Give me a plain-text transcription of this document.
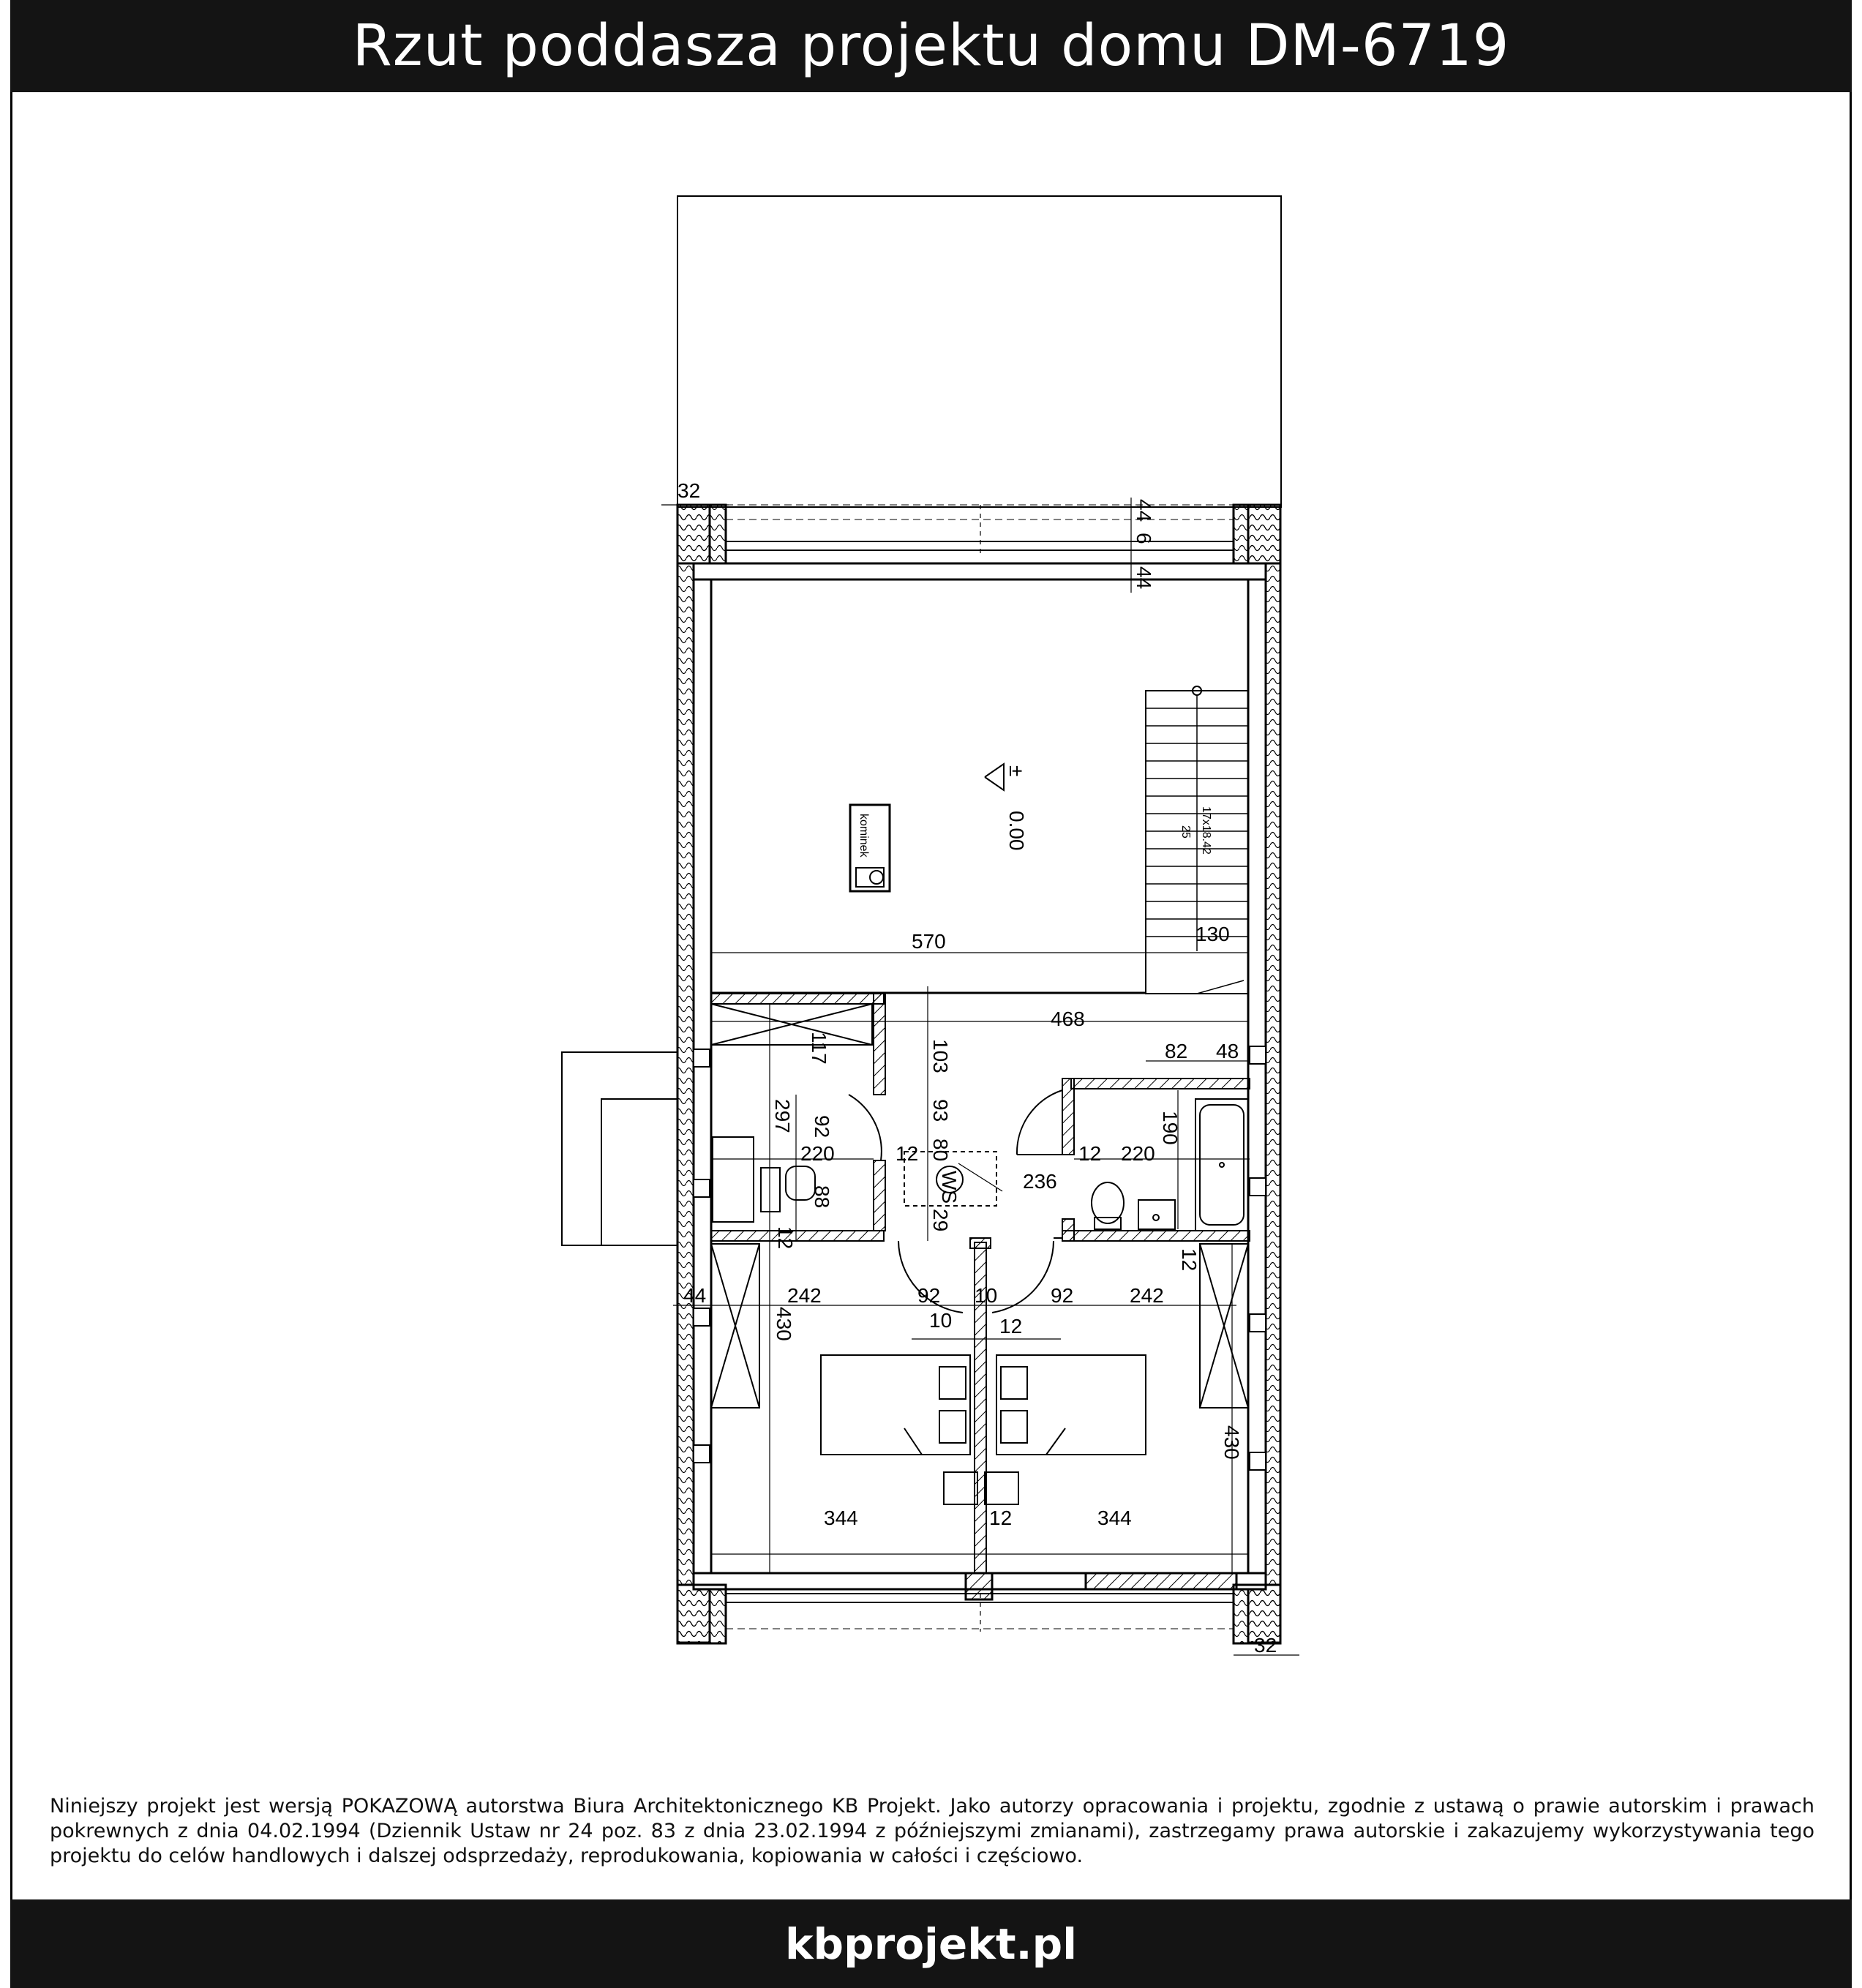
Rzut poddasza projektu domu DM-6719
kominek
±
0.00	17x18.42
25
WS
32
44
6
44
570	130
468
117	103	82 48
297 92
93
190
220	12 80	12 220
88
236
29
12
12
44	242	92 10	92	242
430	10 12
430
344	12	344
32
Niniejszy projekt jest wersją POKAZOWĄ autorstwa Biura Architektonicznego KB Projekt. Jako autorzy opracowania i projektu, zgodnie z ustawą o prawie autorskim i prawach pokrewnych z dnia 04.02.1994 (Dziennik Ustaw nr 24 poz. 83 z dnia 23.02.1994 z późniejszymi zmianami), zastrzegamy prawa autorskie i zakazujemy wykorzystywania tego projektu do celów handlowych i dalszej odsprzedaży, reprodukowania, kopiowania w całości i częściowo.
kbprojekt.pl
